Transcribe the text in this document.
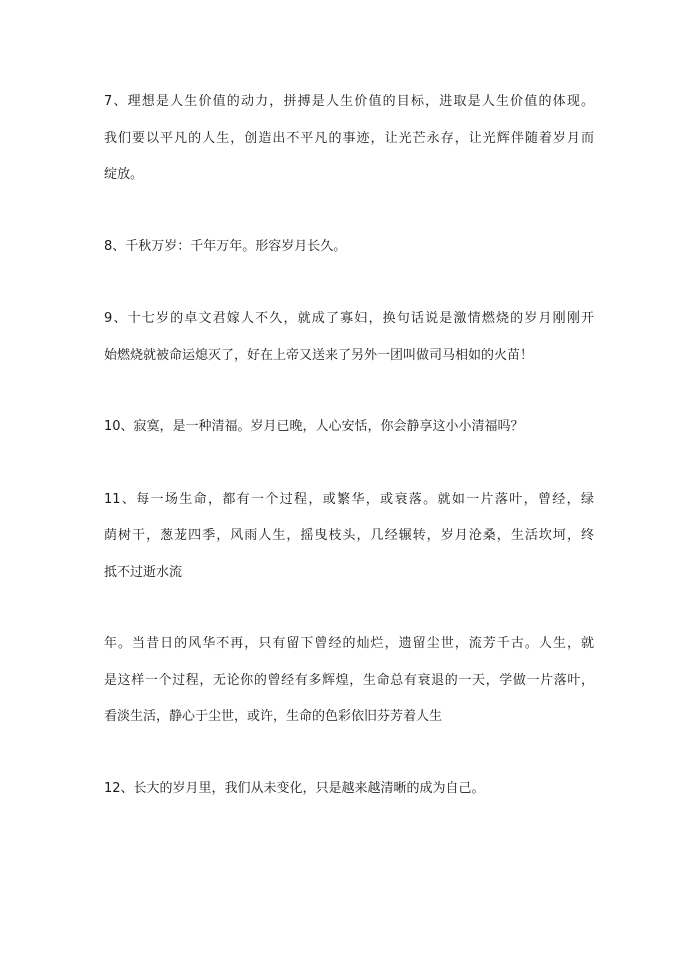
7、理想是人生价值的动力，拼搏是人生价值的目标，进取是人生价值的体现。
我们要以平凡的人生，创造出不平凡的事迹，让光芒永存，让光辉伴随着岁月而
绽放。
8、千秋万岁：千年万年。形容岁月长久。
9、十七岁的卓文君嫁人不久，就成了寡妇，换句话说是激情燃烧的岁月刚刚开
始燃烧就被命运熄灭了，好在上帝又送来了另外一团叫做司马相如的火苗！
10、寂寞，是一种清福。岁月已晚，人心安恬，你会静享这小小清福吗？
11、每一场生命，都有一个过程，或繁华，或衰落。就如一片落叶，曾经，绿
荫树干，葱茏四季，风雨人生，摇曳枝头，几经辗转，岁月沧桑，生活坎坷，终
抵不过逝水流
年。当昔日的风华不再，只有留下曾经的灿烂，遗留尘世，流芳千古。人生，就
是这样一个过程，无论你的曾经有多辉煌，生命总有衰退的一天，学做一片落叶，
看淡生活，静心于尘世，或许，生命的色彩依旧芬芳着人生
12、长大的岁月里，我们从未变化，只是越来越清晰的成为自己。
